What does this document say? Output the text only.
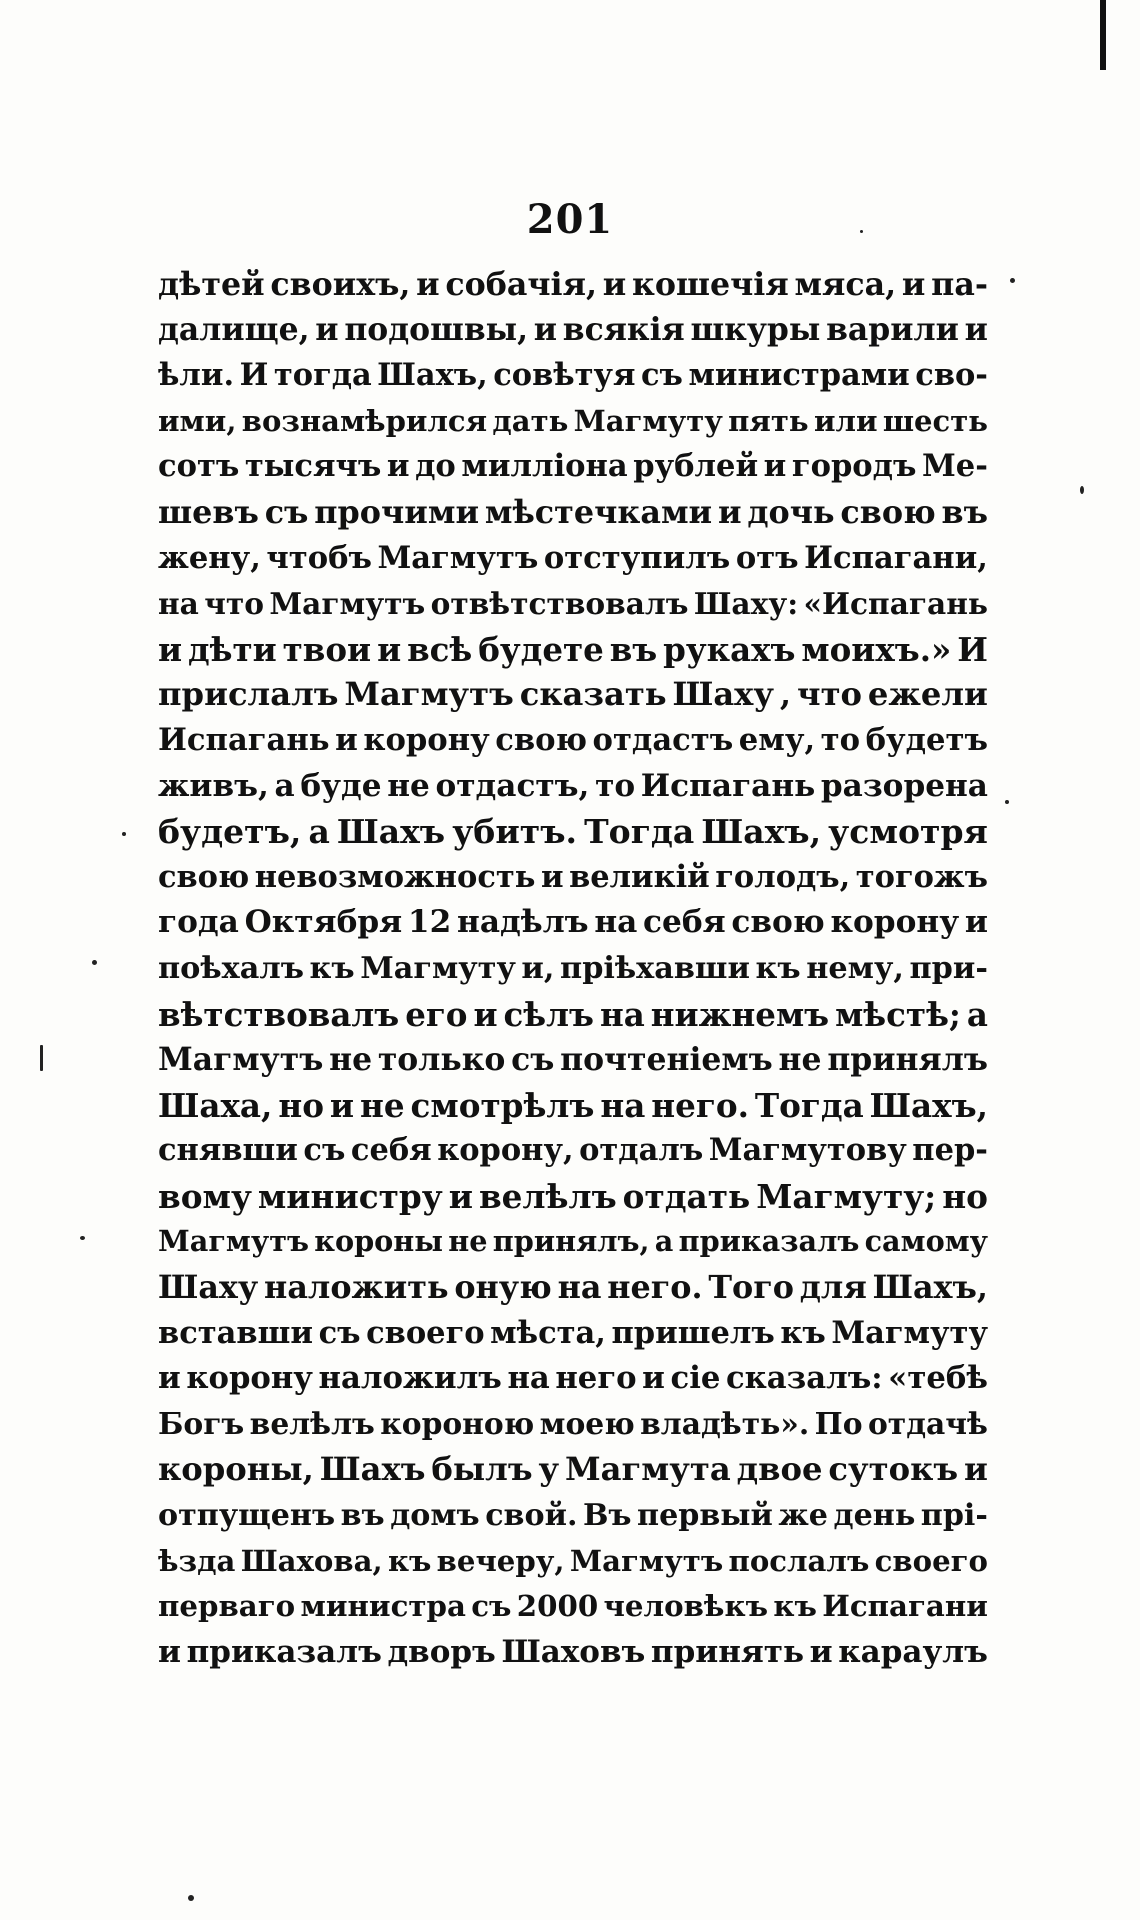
201
дѣтей своихъ, и собачія, и кошечія мяса, и па-
далище, и подошвы, и всякія шкуры варили и
ѣли. И тогда Шахъ, совѣтуя съ министрами сво-
ими, вознамѣрился дать Магмуту пять или шесть
сотъ тысячъ и до милліона рублей и городъ Ме-
шевъ съ прочими мѣстечками и дочь свою въ
жену, чтобъ Магмутъ отступилъ отъ Испагани,
на что Магмутъ отвѣтствовалъ Шаху: «Испагань
и дѣти твои и всѣ будете въ рукахъ моихъ.» И
прислалъ Магмутъ сказать Шаху , что ежели
Испагань и корону свою отдастъ ему, то будетъ
живъ, а буде не отдастъ, то Испагань разорена
будетъ, а Шахъ убитъ. Тогда Шахъ, усмотря
свою невозможность и великій голодъ, тогожъ
года Октября 12 надѣлъ на себя свою корону и
поѣхалъ къ Магмуту и, пріѣхавши къ нему, при-
вѣтствовалъ его и сѣлъ на нижнемъ мѣстѣ; а
Магмутъ не только съ почтеніемъ не принялъ
Шаха, но и не смотрѣлъ на него. Тогда Шахъ,
снявши съ себя корону, отдалъ Магмутову пер-
вому министру и велѣлъ отдать Магмуту; но
Магмутъ короны не принялъ, а приказалъ самому
Шаху наложить оную на него. Того для Шахъ,
вставши съ своего мѣста, пришелъ къ Магмуту
и корону наложилъ на него и сіе сказалъ: «тебѣ
Богъ велѣлъ короною моею владѣть». По отдачѣ
короны, Шахъ былъ у Магмута двое сутокъ и
отпущенъ въ домъ свой. Въ первый же день прі-
ѣзда Шахова, къ вечеру, Магмутъ послалъ своего
перваго министра съ 2000 человѣкъ къ Испагани
и приказалъ дворъ Шаховъ принять и караулъ
